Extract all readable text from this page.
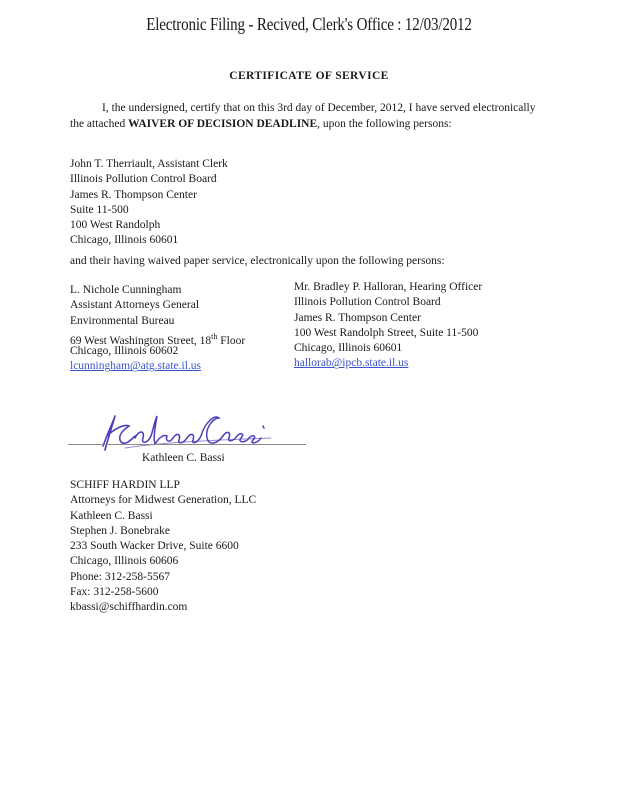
Electronic Filing - Recived, Clerk's Office : 12/03/2012
CERTIFICATE OF SERVICE
I, the undersigned, certify that on this 3rd day of December, 2012, I have served electronically the attached WAIVER OF DECISION DEADLINE, upon the following persons:
John T. Therriault, Assistant Clerk
Illinois Pollution Control Board
James R. Thompson Center
Suite 11-500
100 West Randolph
Chicago, Illinois 60601
and their having waived paper service, electronically upon the following persons:
L. Nichole Cunningham
Assistant Attorneys General
Environmental Bureau
69 West Washington Street, 18th Floor
Chicago, Illinois 60602
lcunningham@atg.state.il.us
Mr. Bradley P. Halloran, Hearing Officer
Illinois Pollution Control Board
James R. Thompson Center
100 West Randolph Street, Suite 11-500
Chicago, Illinois 60601
hallorab@ipcb.state.il.us
Kathleen C. Bassi
SCHIFF HARDIN LLP
Attorneys for Midwest Generation, LLC
Kathleen C. Bassi
Stephen J. Bonebrake
233 South Wacker Drive, Suite 6600
Chicago, Illinois 60606
Phone: 312-258-5567
Fax: 312-258-5600
kbassi@schiffhardin.com
